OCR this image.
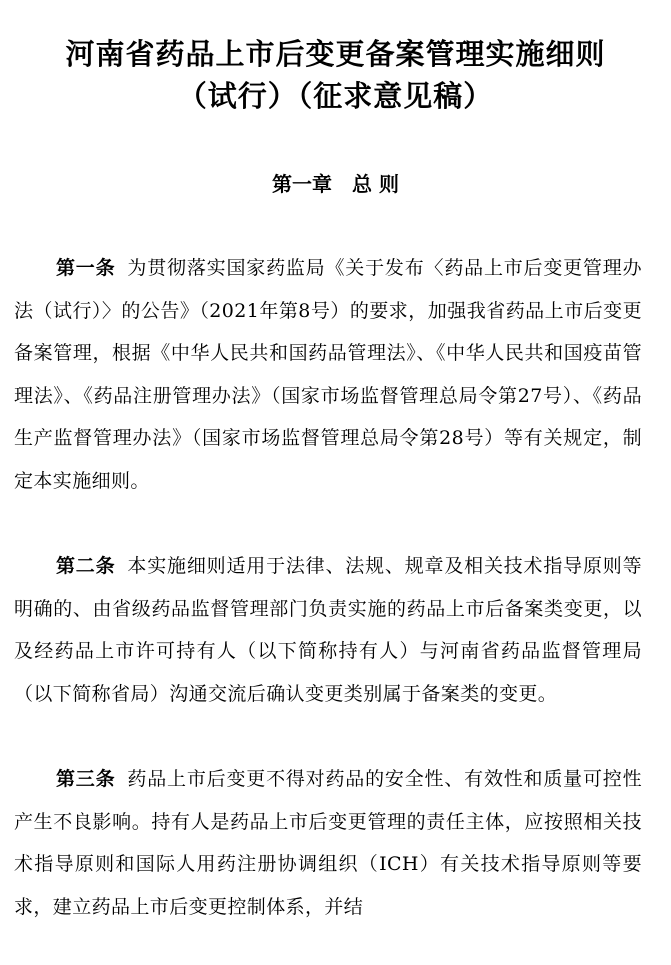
河南省药品上市后变更备案管理实施细则
（试行）（征求意见稿）
第一章　总 则
第一条 为贯彻落实国家药监局《关于发布〈药品上市后变更管理办法（试行）〉的公告》（2021年第8号）的要求，加强我省药品上市后变更备案管理，根据《中华人民共和国药品管理法》、《中华人民共和国疫苗管理法》、《药品注册管理办法》（国家市场监督管理总局令第27号）、《药品生产监督管理办法》（国家市场监督管理总局令第28号）等有关规定，制定本实施细则。
第二条 本实施细则适用于法律、法规、规章及相关技术指导原则等明确的、由省级药品监督管理部门负责实施的药品上市后备案类变更，以及经药品上市许可持有人（以下简称持有人）与河南省药品监督管理局（以下简称省局）沟通交流后确认变更类别属于备案类的变更。
第三条 药品上市后变更不得对药品的安全性、有效性和质量可控性产生不良影响。持有人是药品上市后变更管理的责任主体，应按照相关技术指导原则和国际人用药注册协调组织（ICH）有关技术指导原则等要求，建立药品上市后变更控制体系，并结
